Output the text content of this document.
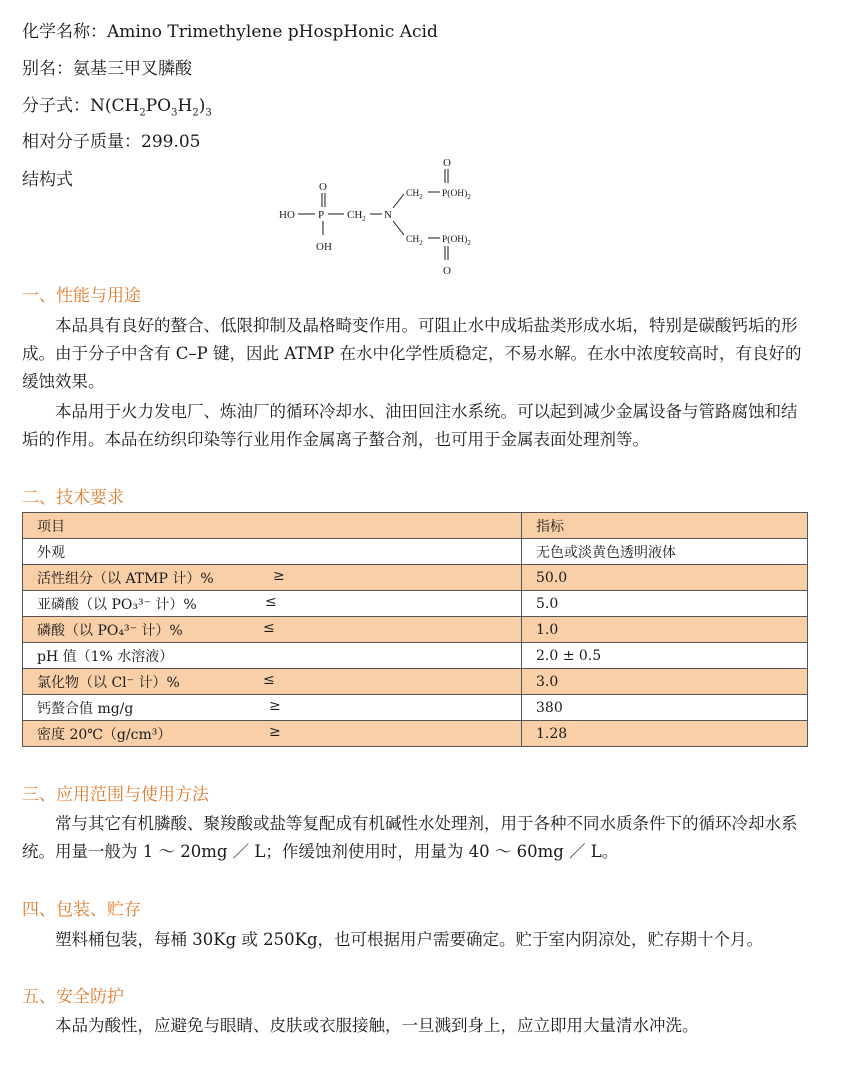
化学名称：Amino Trimethylene pHospHonic Acid
别名：氨基三甲叉膦酸
分子式：$N(CH_2PO_3H_2)_3$
相对分子质量：299.05
结构式	O
HO P $CH_2$ N
OH
O
$CH_2$ $P(OH)_2$
$CH_2$ $P(OH)_2$
O
一、性能与用途
本品具有良好的螯合、低限抑制及晶格畸变作用。可阻止水中成垢盐类形成水垢，特别是碳酸钙垢的形成。由于分子中含有 C–P 键，因此 ATMP 在水中化学性质稳定，不易水解。在水中浓度较高时，有良好的缓蚀效果。
本品用于火力发电厂、炼油厂的循环冷却水、油田回注水系统。可以起到减少金属设备与管路腐蚀和结垢的作用。本品在纺织印染等行业用作金属离子螯合剂，也可用于金属表面处理剂等。
二、技术要求
项目	指标
外观	无色或淡黄色透明液体
活性组分（以 ATMP 计）% ≥	50.0
亚磷酸（以 PO₃³⁻ 计）% ≤	5.0
磷酸（以 PO₄³⁻ 计）% ≤	1.0
pH 值（1% 水溶液）	2.0 ± 0.5
氯化物（以 Cl⁻ 计）% ≤	3.0
钙螯合值 mg/g ≥	380
密度 20℃（g/cm³） ≥	1.28
三、应用范围与使用方法
常与其它有机膦酸、聚羧酸或盐等复配成有机碱性水处理剂，用于各种不同水质条件下的循环冷却水系统。用量一般为 1 ～ 20mg ／ L；作缓蚀剂使用时，用量为 40 ～ 60mg ／ L。
四、包装、贮存
塑料桶包装，每桶 30Kg 或 250Kg，也可根据用户需要确定。贮于室内阴凉处，贮存期十个月。
五、安全防护
本品为酸性，应避免与眼睛、皮肤或衣服接触，一旦溅到身上，应立即用大量清水冲洗。
